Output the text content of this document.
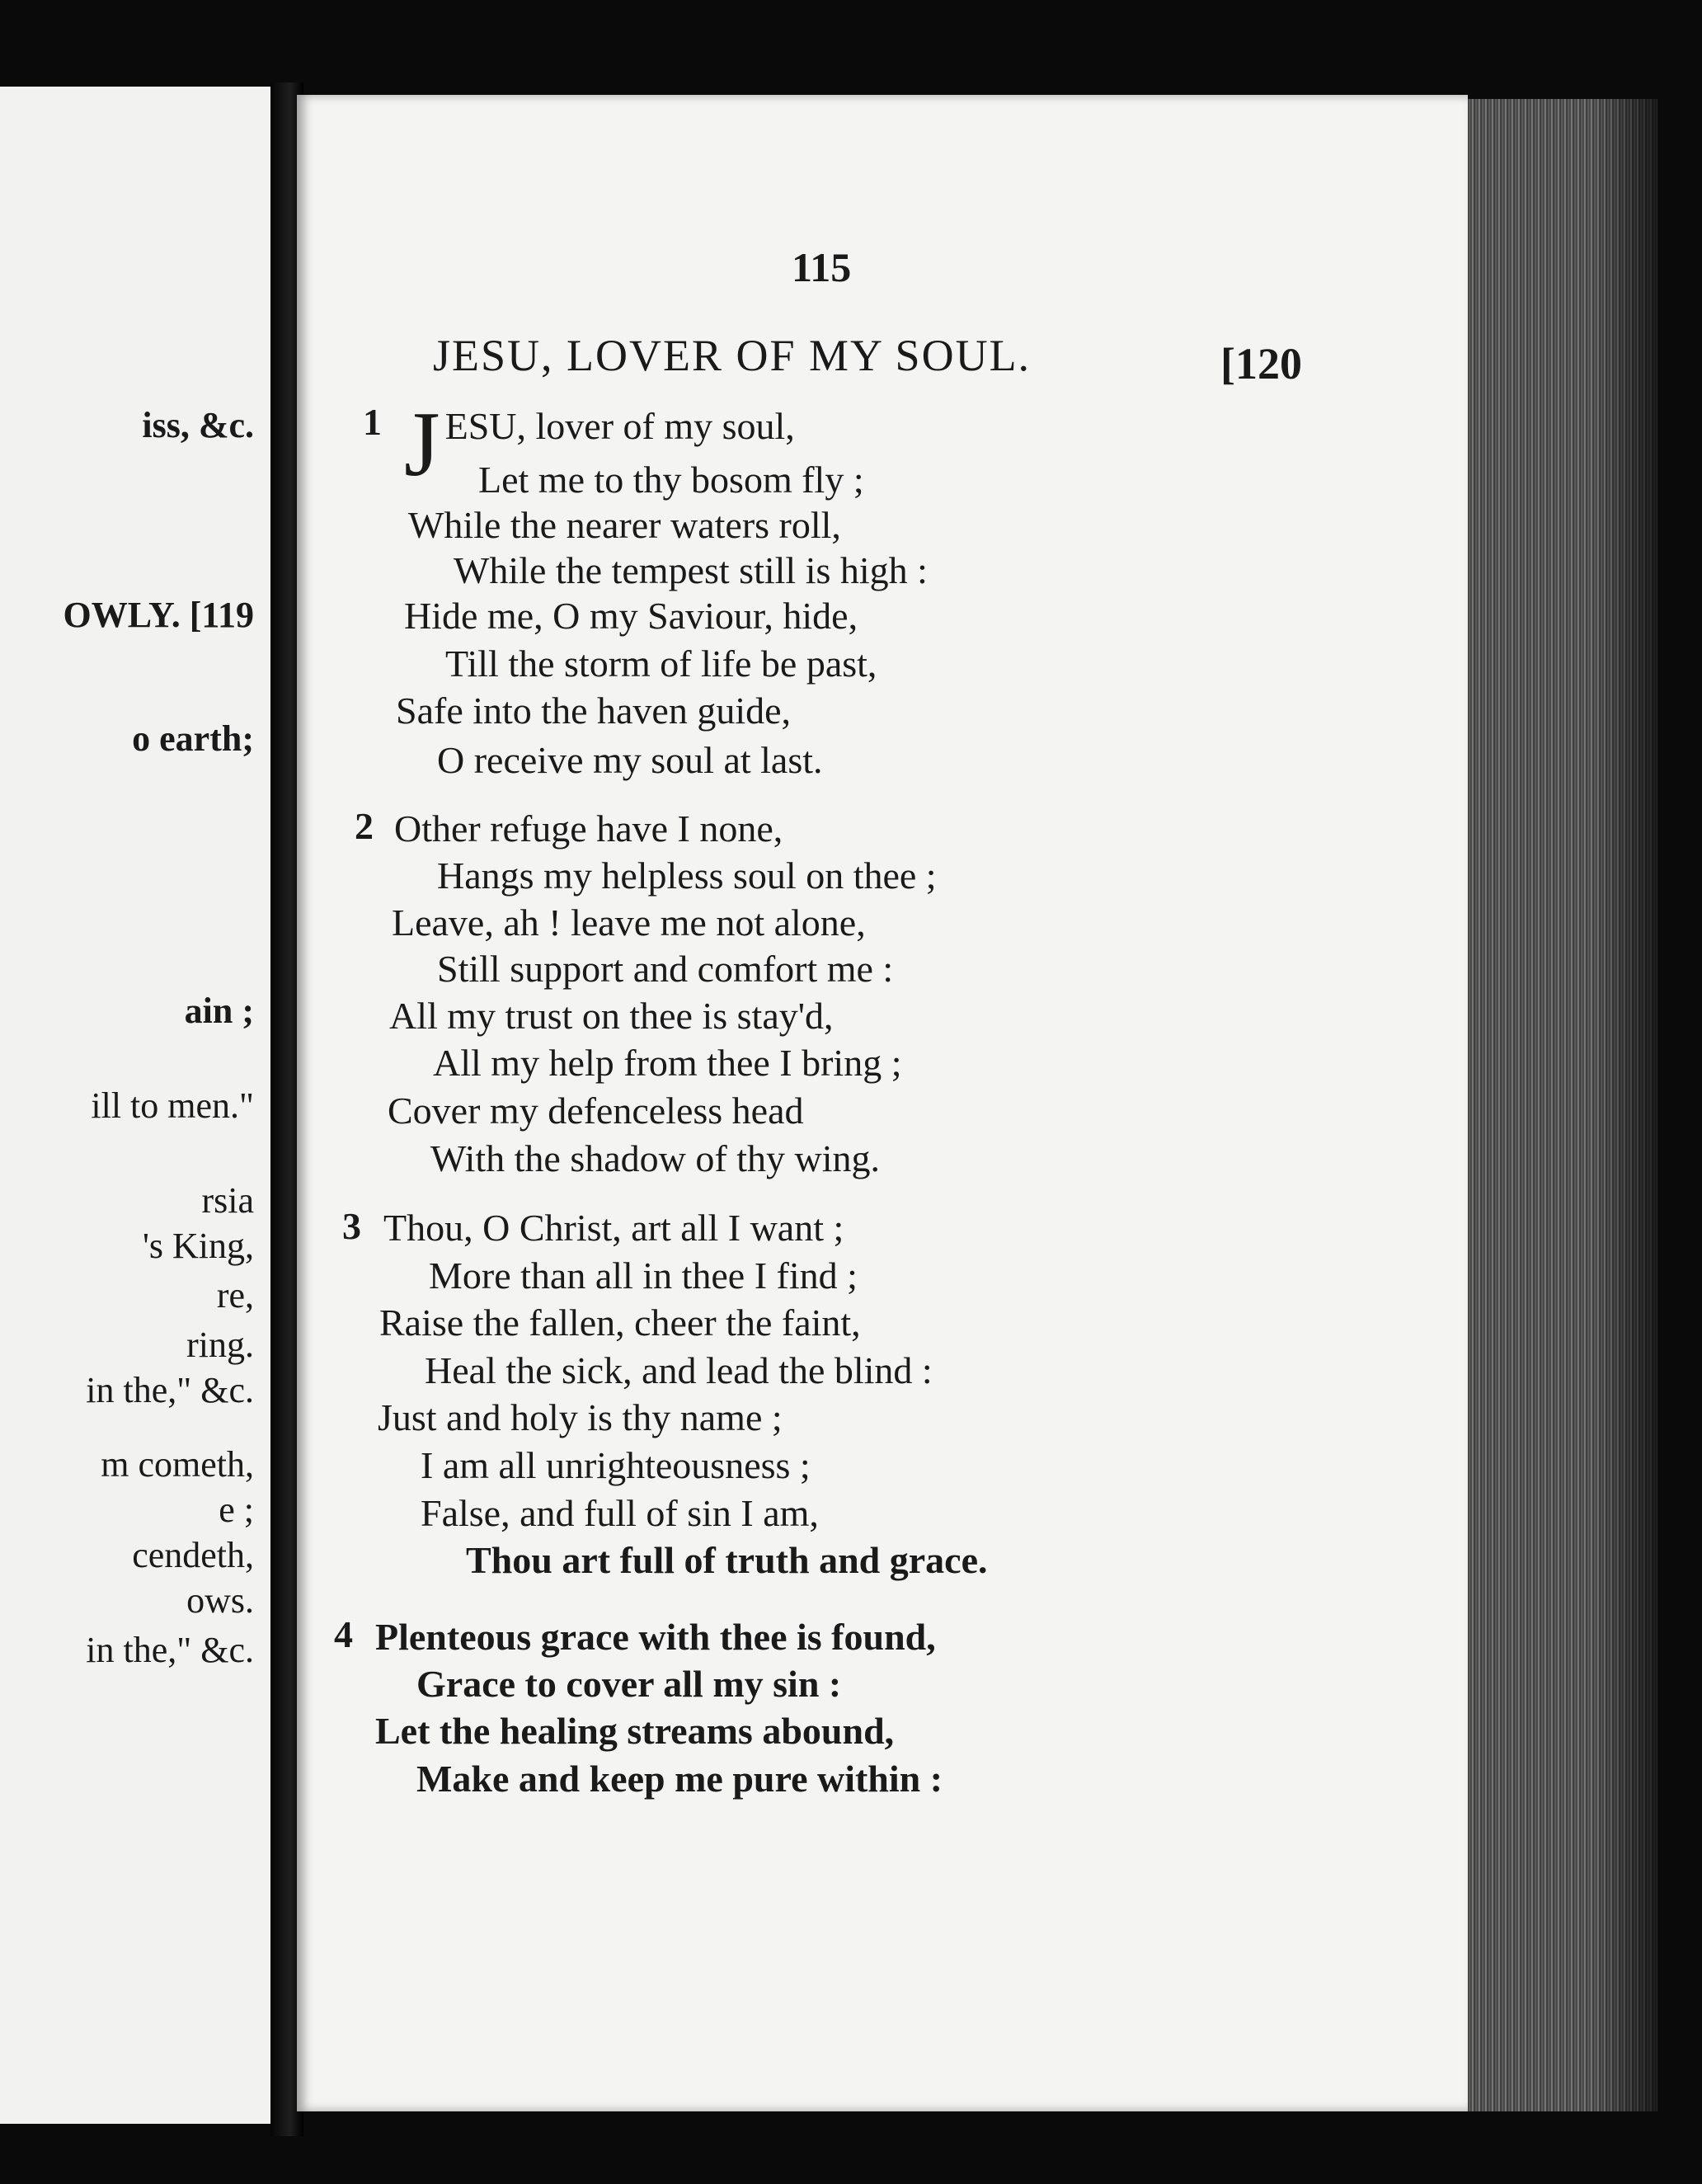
iss, &c.
OWLY. [119
o earth;
ain ;
ill to men."
rsia
's King,
re,
ring.
in the," &c.
m cometh,
e ;
cendeth,
ows.
in the," &c.
115
JESU, LOVER OF MY SOUL.	[120
1 JESU, lover of my soul,
Let me to thy bosom fly ;
While the nearer waters roll,
While the tempest still is high :
Hide me, O my Saviour, hide,
Till the storm of life be past,
Safe into the haven guide,
O receive my soul at last.
2 Other refuge have I none,
Hangs my helpless soul on thee ;
Leave, ah ! leave me not alone,
Still support and comfort me :
All my trust on thee is stay'd,
All my help from thee I bring ;
Cover my defenceless head
With the shadow of thy wing.
3 Thou, O Christ, art all I want ;
More than all in thee I find ;
Raise the fallen, cheer the faint,
Heal the sick, and lead the blind :
Just and holy is thy name ;
I am all unrighteousness ;
False, and full of sin I am,
Thou art full of truth and grace.
4 Plenteous grace with thee is found,
Grace to cover all my sin :
Let the healing streams abound,
Make and keep me pure within :
